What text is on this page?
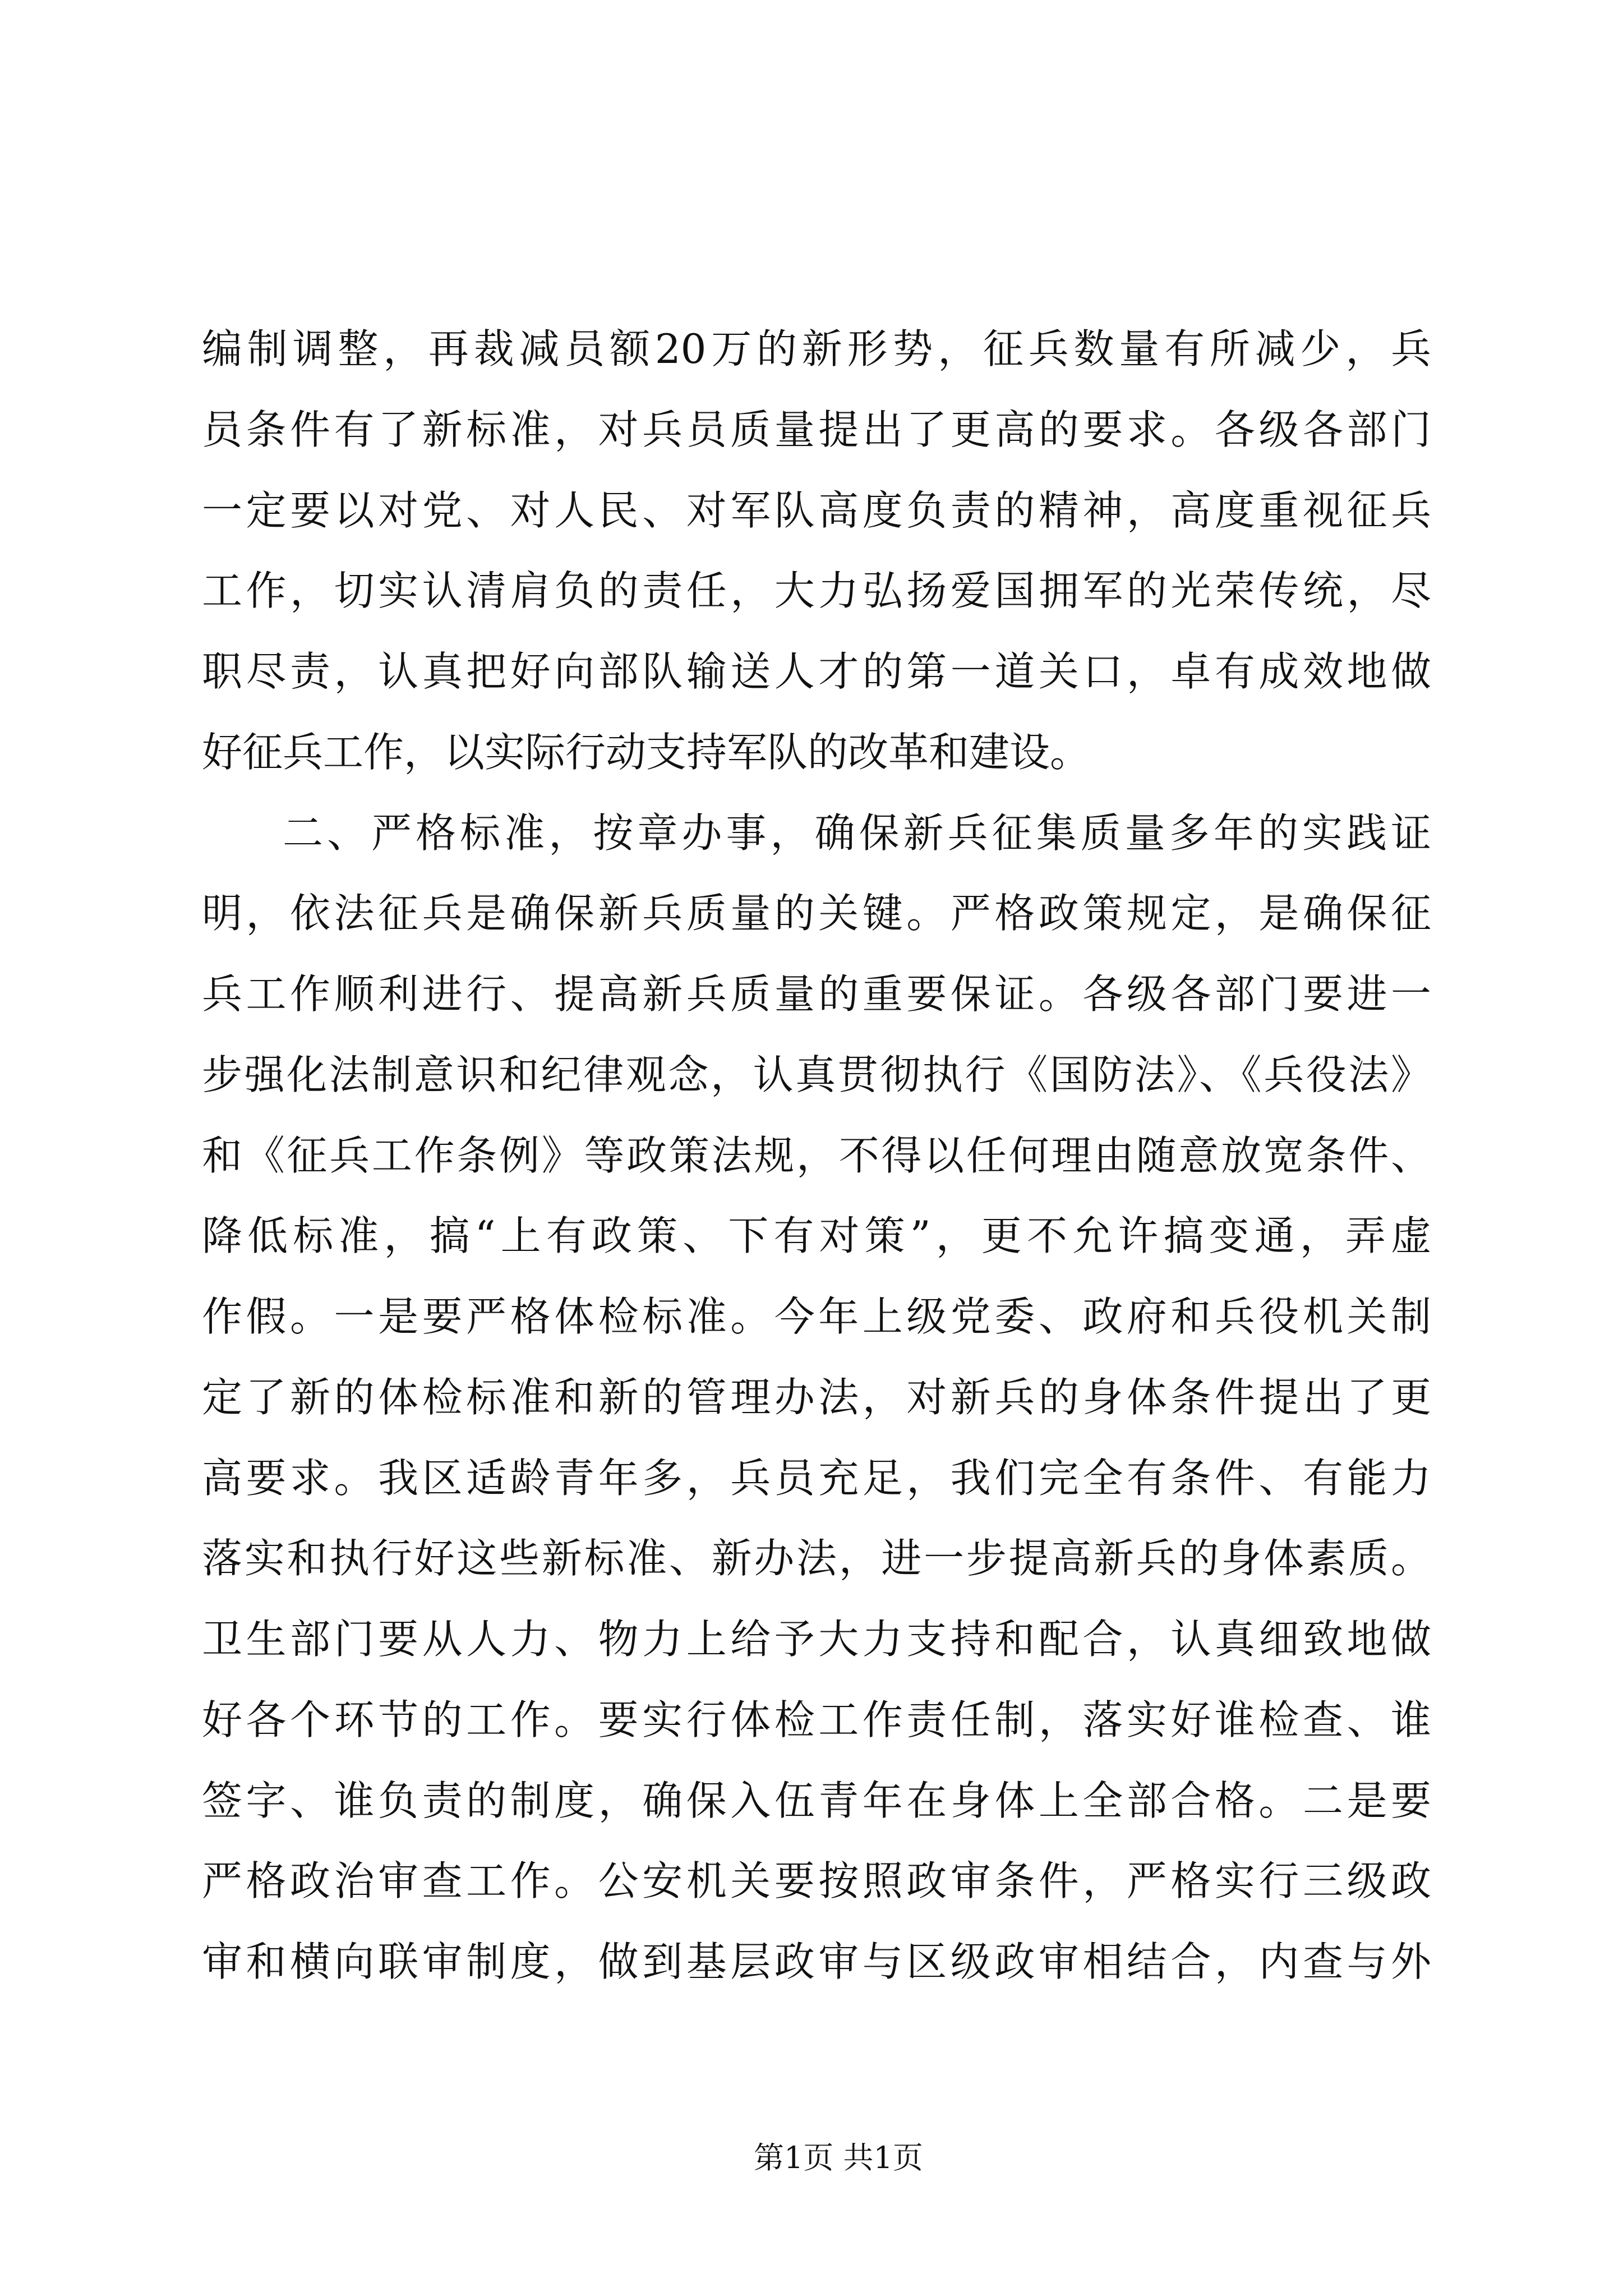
编制调整，再裁减员额20万的新形势，征兵数量有所减少，兵
员条件有了新标准，对兵员质量提出了更高的要求。各级各部门
一定要以对党、对人民、对军队高度负责的精神，高度重视征兵
工作，切实认清肩负的责任，大力弘扬爱国拥军的光荣传统，尽
职尽责，认真把好向部队输送人才的第一道关口，卓有成效地做
好征兵工作，以实际行动支持军队的改革和建设。
二、严格标准，按章办事，确保新兵征集质量多年的实践证
明，依法征兵是确保新兵质量的关键。严格政策规定，是确保征
兵工作顺利进行、提高新兵质量的重要保证。各级各部门要进一
步强化法制意识和纪律观念，认真贯彻执行《国防法》、《兵役法》
和《征兵工作条例》等政策法规，不得以任何理由随意放宽条件、
降低标准，搞“上有政策、下有对策”，更不允许搞变通，弄虚
作假。一是要严格体检标准。今年上级党委、政府和兵役机关制
定了新的体检标准和新的管理办法，对新兵的身体条件提出了更
高要求。我区适龄青年多，兵员充足，我们完全有条件、有能力
落实和执行好这些新标准、新办法，进一步提高新兵的身体素质。
卫生部门要从人力、物力上给予大力支持和配合，认真细致地做
好各个环节的工作。要实行体检工作责任制，落实好谁检查、谁
签字、谁负责的制度，确保入伍青年在身体上全部合格。二是要
严格政治审查工作。公安机关要按照政审条件，严格实行三级政
审和横向联审制度，做到基层政审与区级政审相结合，内查与外
第1页 共1页
